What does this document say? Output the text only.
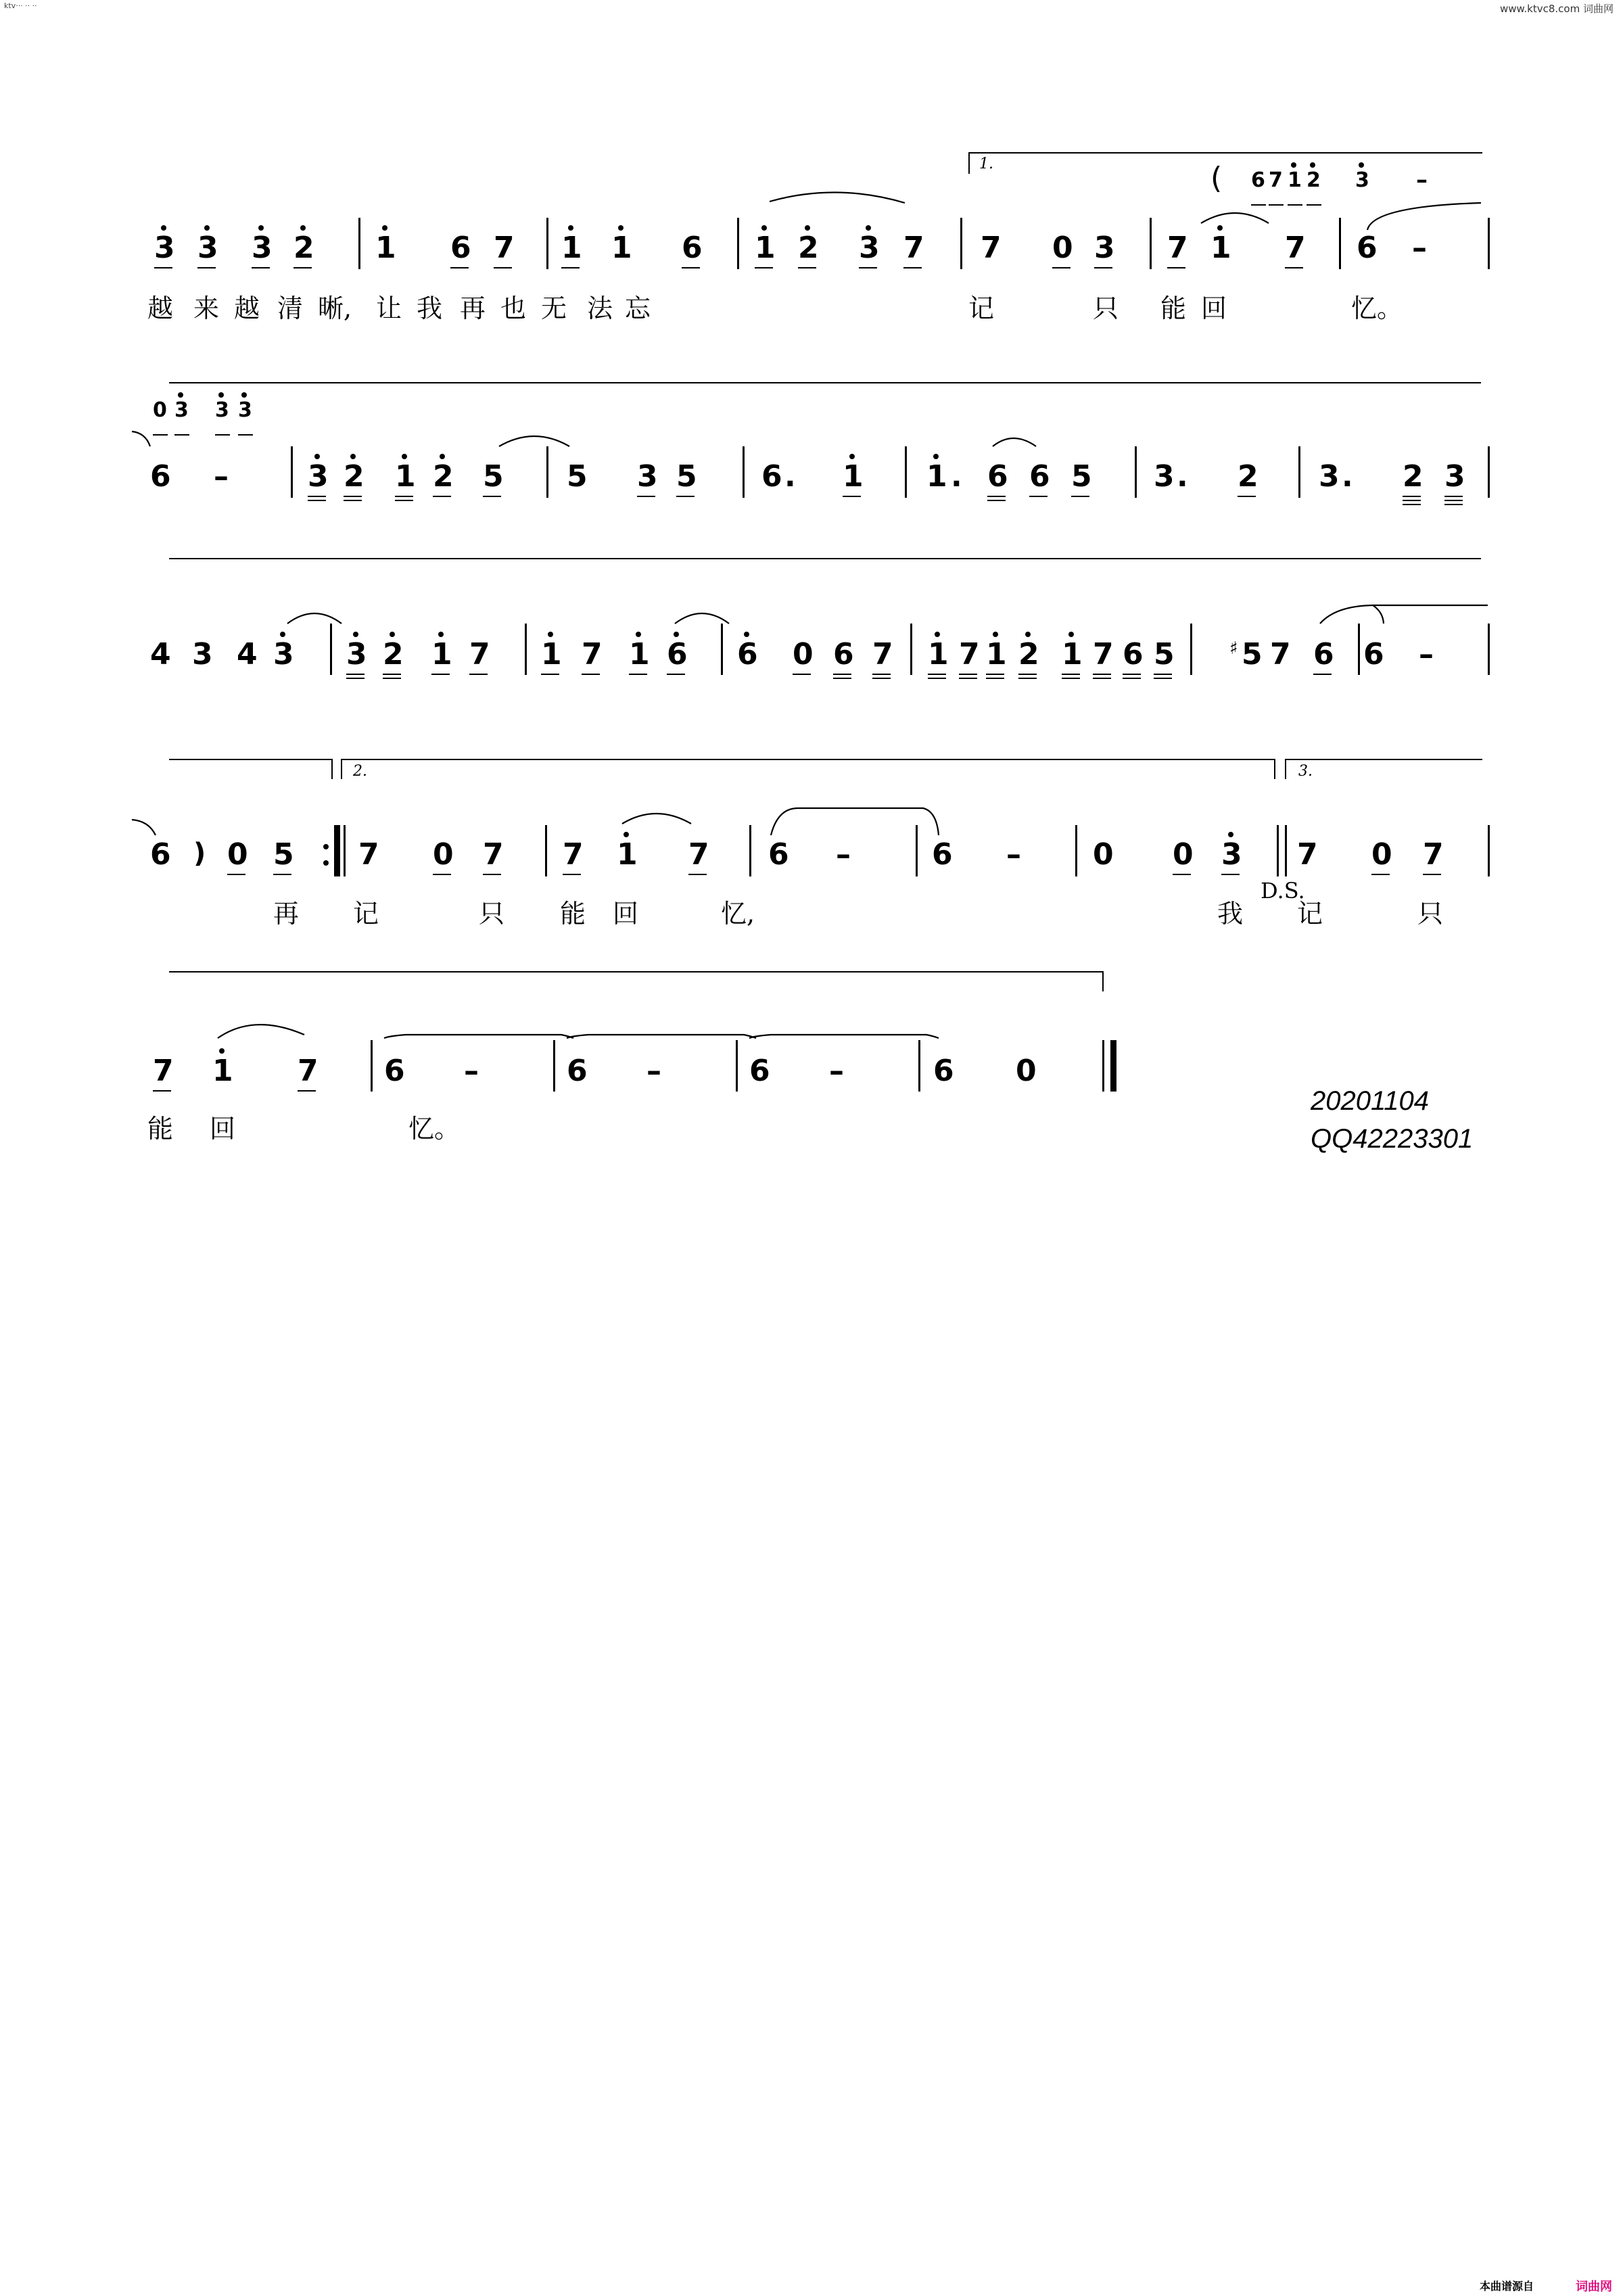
ktv··· ·· ··	www.ktvc8.com 词曲网
3 3 3 2 1 6 7 1 1 6 1 2 3 7 7 0 3 7 1 7 6 –
1.	( 6 7 1 2 3 –
越 来 越 清 晰, 让 我 再 也 无 法 忘	记	只 能 回	忆。
0 3 3 3
6 –	3 2 1 2 5 5 3 5 6 . 1 1 . 6 6 5 3 . 2 3 . 2 3
4 3 4 3 3 2 1 7 1 7 1 6 6 0 6 7 1 7 1 2 1 7 6 5	♯ 5 7 6 6 –
2.	3.
6 ) 0 5 7 0 7 7 1 7 6 –	6 – 0 0 3 7 0 7
再 记	只 能 回	忆,	我 记	只
D.S.
7 1 7 6 –	6 –	6 –	6 0
能 回	忆。
20201104
QQ42223301
本曲谱源自	词曲网
